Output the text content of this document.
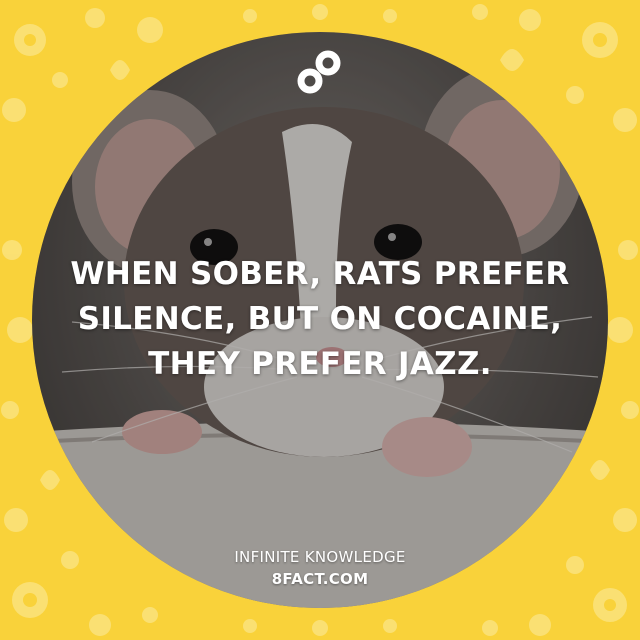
WHEN SOBER, RATS PREFER
SILENCE, BUT ON COCAINE,
THEY PREFER JAZZ.
INFINITE KNOWLEDGE
8FACT.COM
